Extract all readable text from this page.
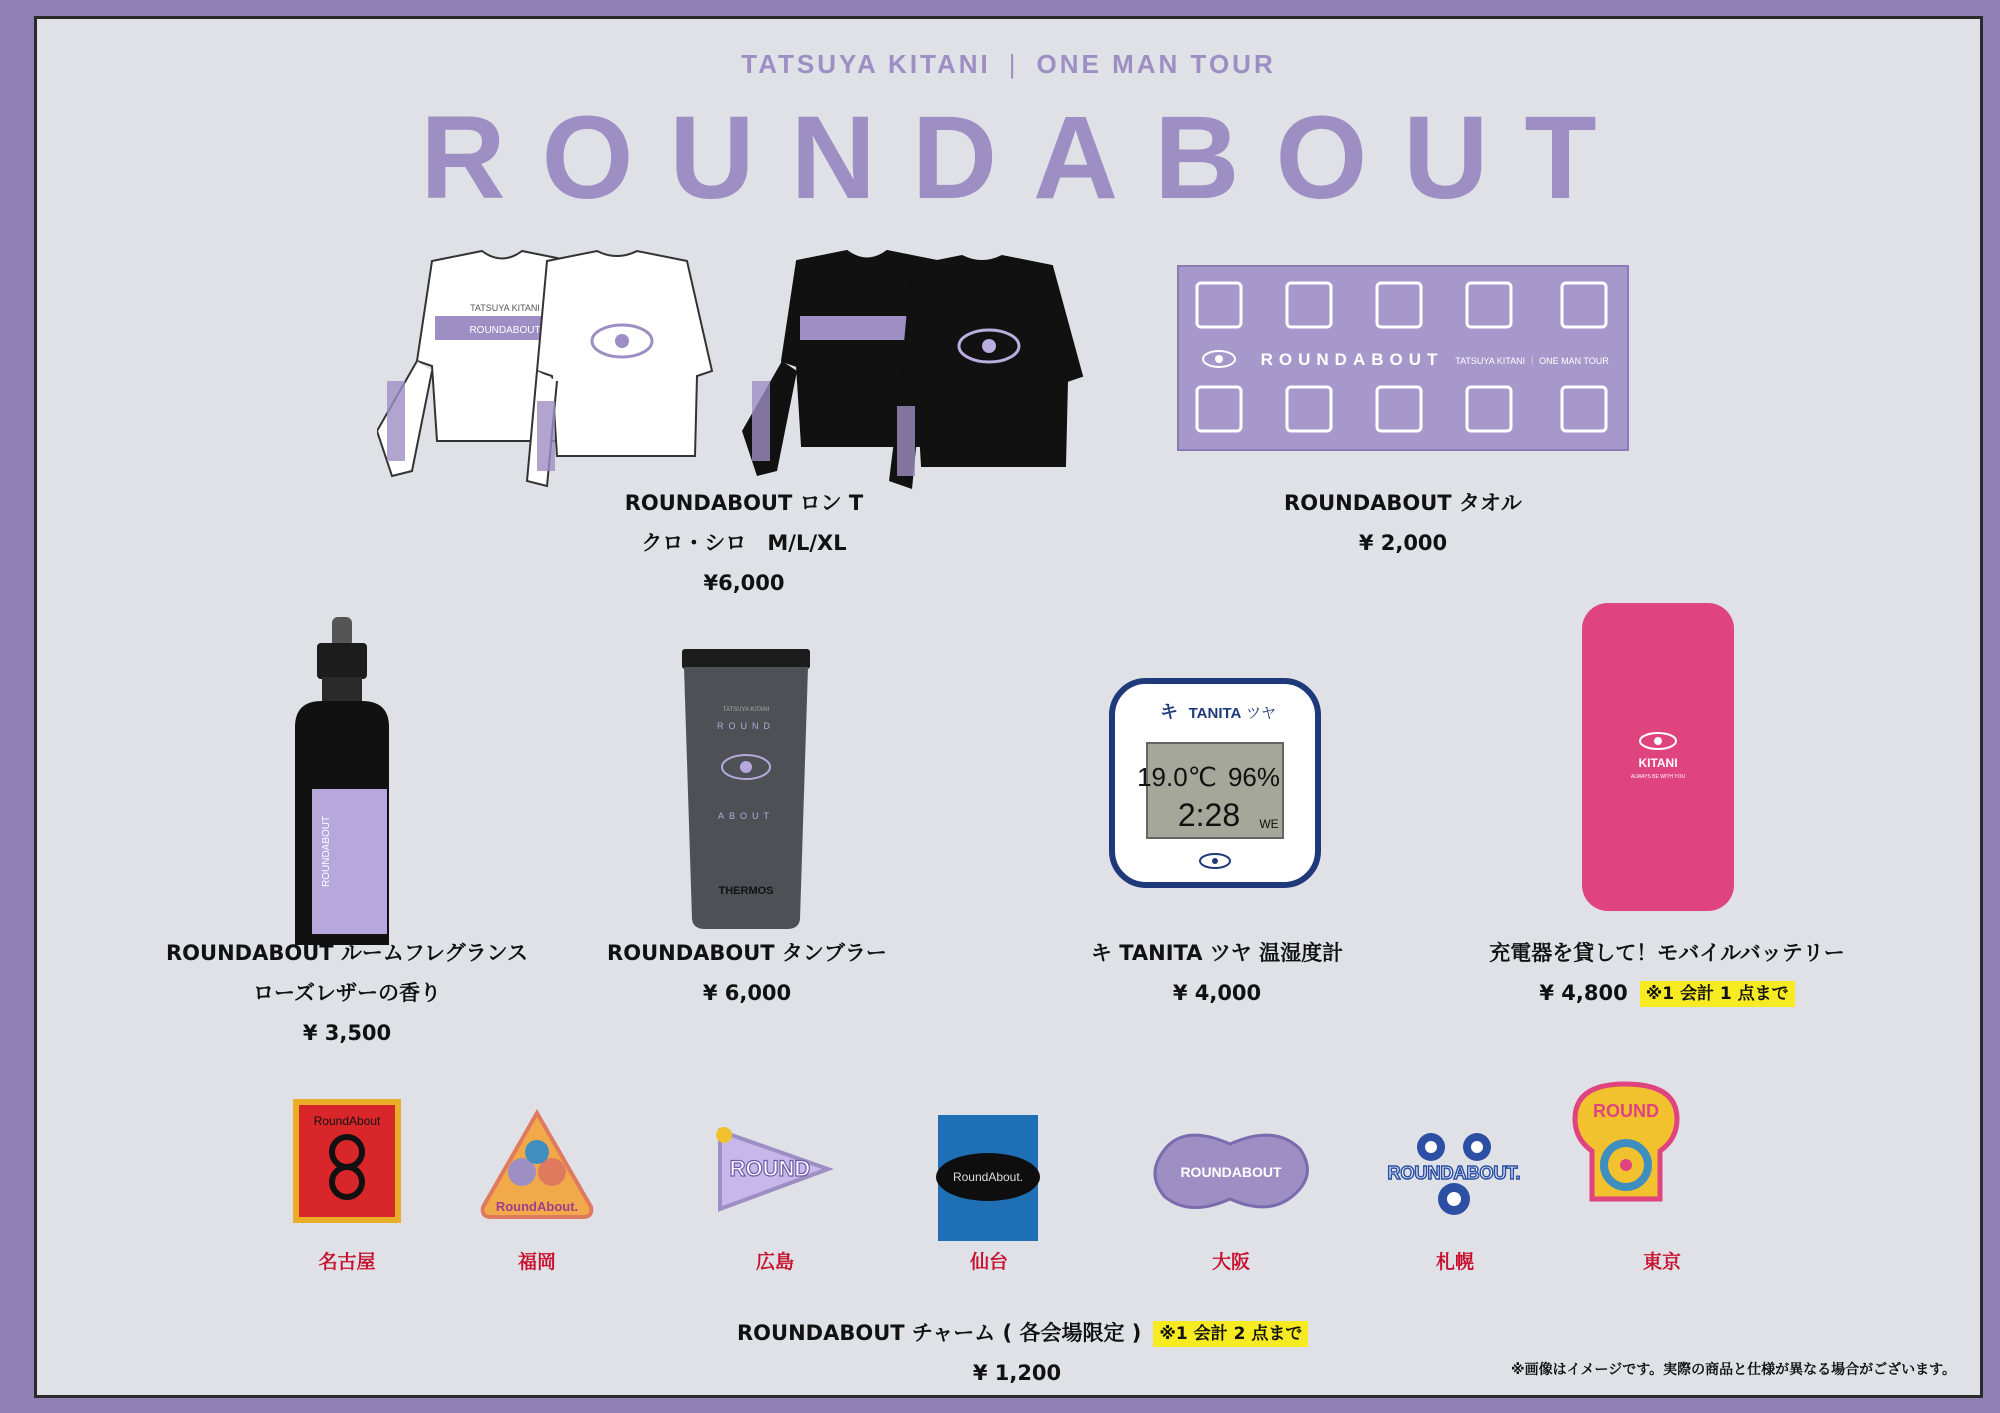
TATSUYA KITANI | ONE MAN TOUR
ROUNDABOUT
TATSUYA KITANI
ROUNDABOUT
ROUNDABOUT ロン T
クロ・シロ　M/L/XL
¥6,000
ROUNDABOUT TATSUYA KITANI ｜ ONE MAN TOUR
ROUNDABOUT タオル
¥ 2,000
ROUNDABOUT
ROUNDABOUT ルームフレグランス
ローズレザーの香り
¥ 3,500
TATSUYA KITANI
ROUND
ABOUT
THERMOS
ROUNDABOUT タンブラー
¥ 6,000
キ TANITA ツヤ
19.0℃ 96%
2:28 WE
キ TANITA ツヤ 温湿度計
¥ 4,000
KITANI
ALWAYS BE WITH YOU
充電器を貸して！モバイルバッテリー
¥ 4,800 ※1 会計 1 点まで
RoundAbout
名古屋
RoundAbout.
福岡
ROUND
広島
RoundAbout.
仙台
ROUNDABOUT
大阪
ROUNDABOUT.
札幌
ROUND
東京
ROUNDABOUT チャーム ( 各会場限定 ) ※1 会計 2 点まで
¥ 1,200	※画像はイメージです。実際の商品と仕様が異なる場合がございます。
